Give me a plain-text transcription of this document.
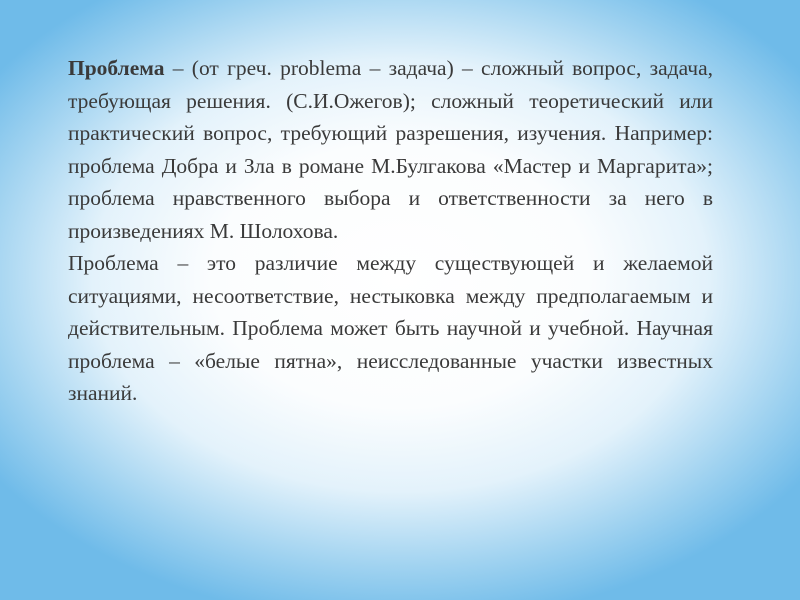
Проблема – (от греч. problema – задача) – сложный вопрос, задача, требующая решения. (С.И.Ожегов); сложный теоретический или практический вопрос, требующий разрешения, изучения. Например: проблема Добра и Зла в романе М.Булгакова «Мастер и Маргарита»; проблема нравственного выбора и ответственности за него в произведениях М. Шолохова.

Проблема – это различие между существующей и желаемой ситуациями, несоответствие, нестыковка между предполагаемым и действительным. Проблема может быть научной и учебной. Научная проблема – «белые пятна», неисследованные участки известных знаний.
